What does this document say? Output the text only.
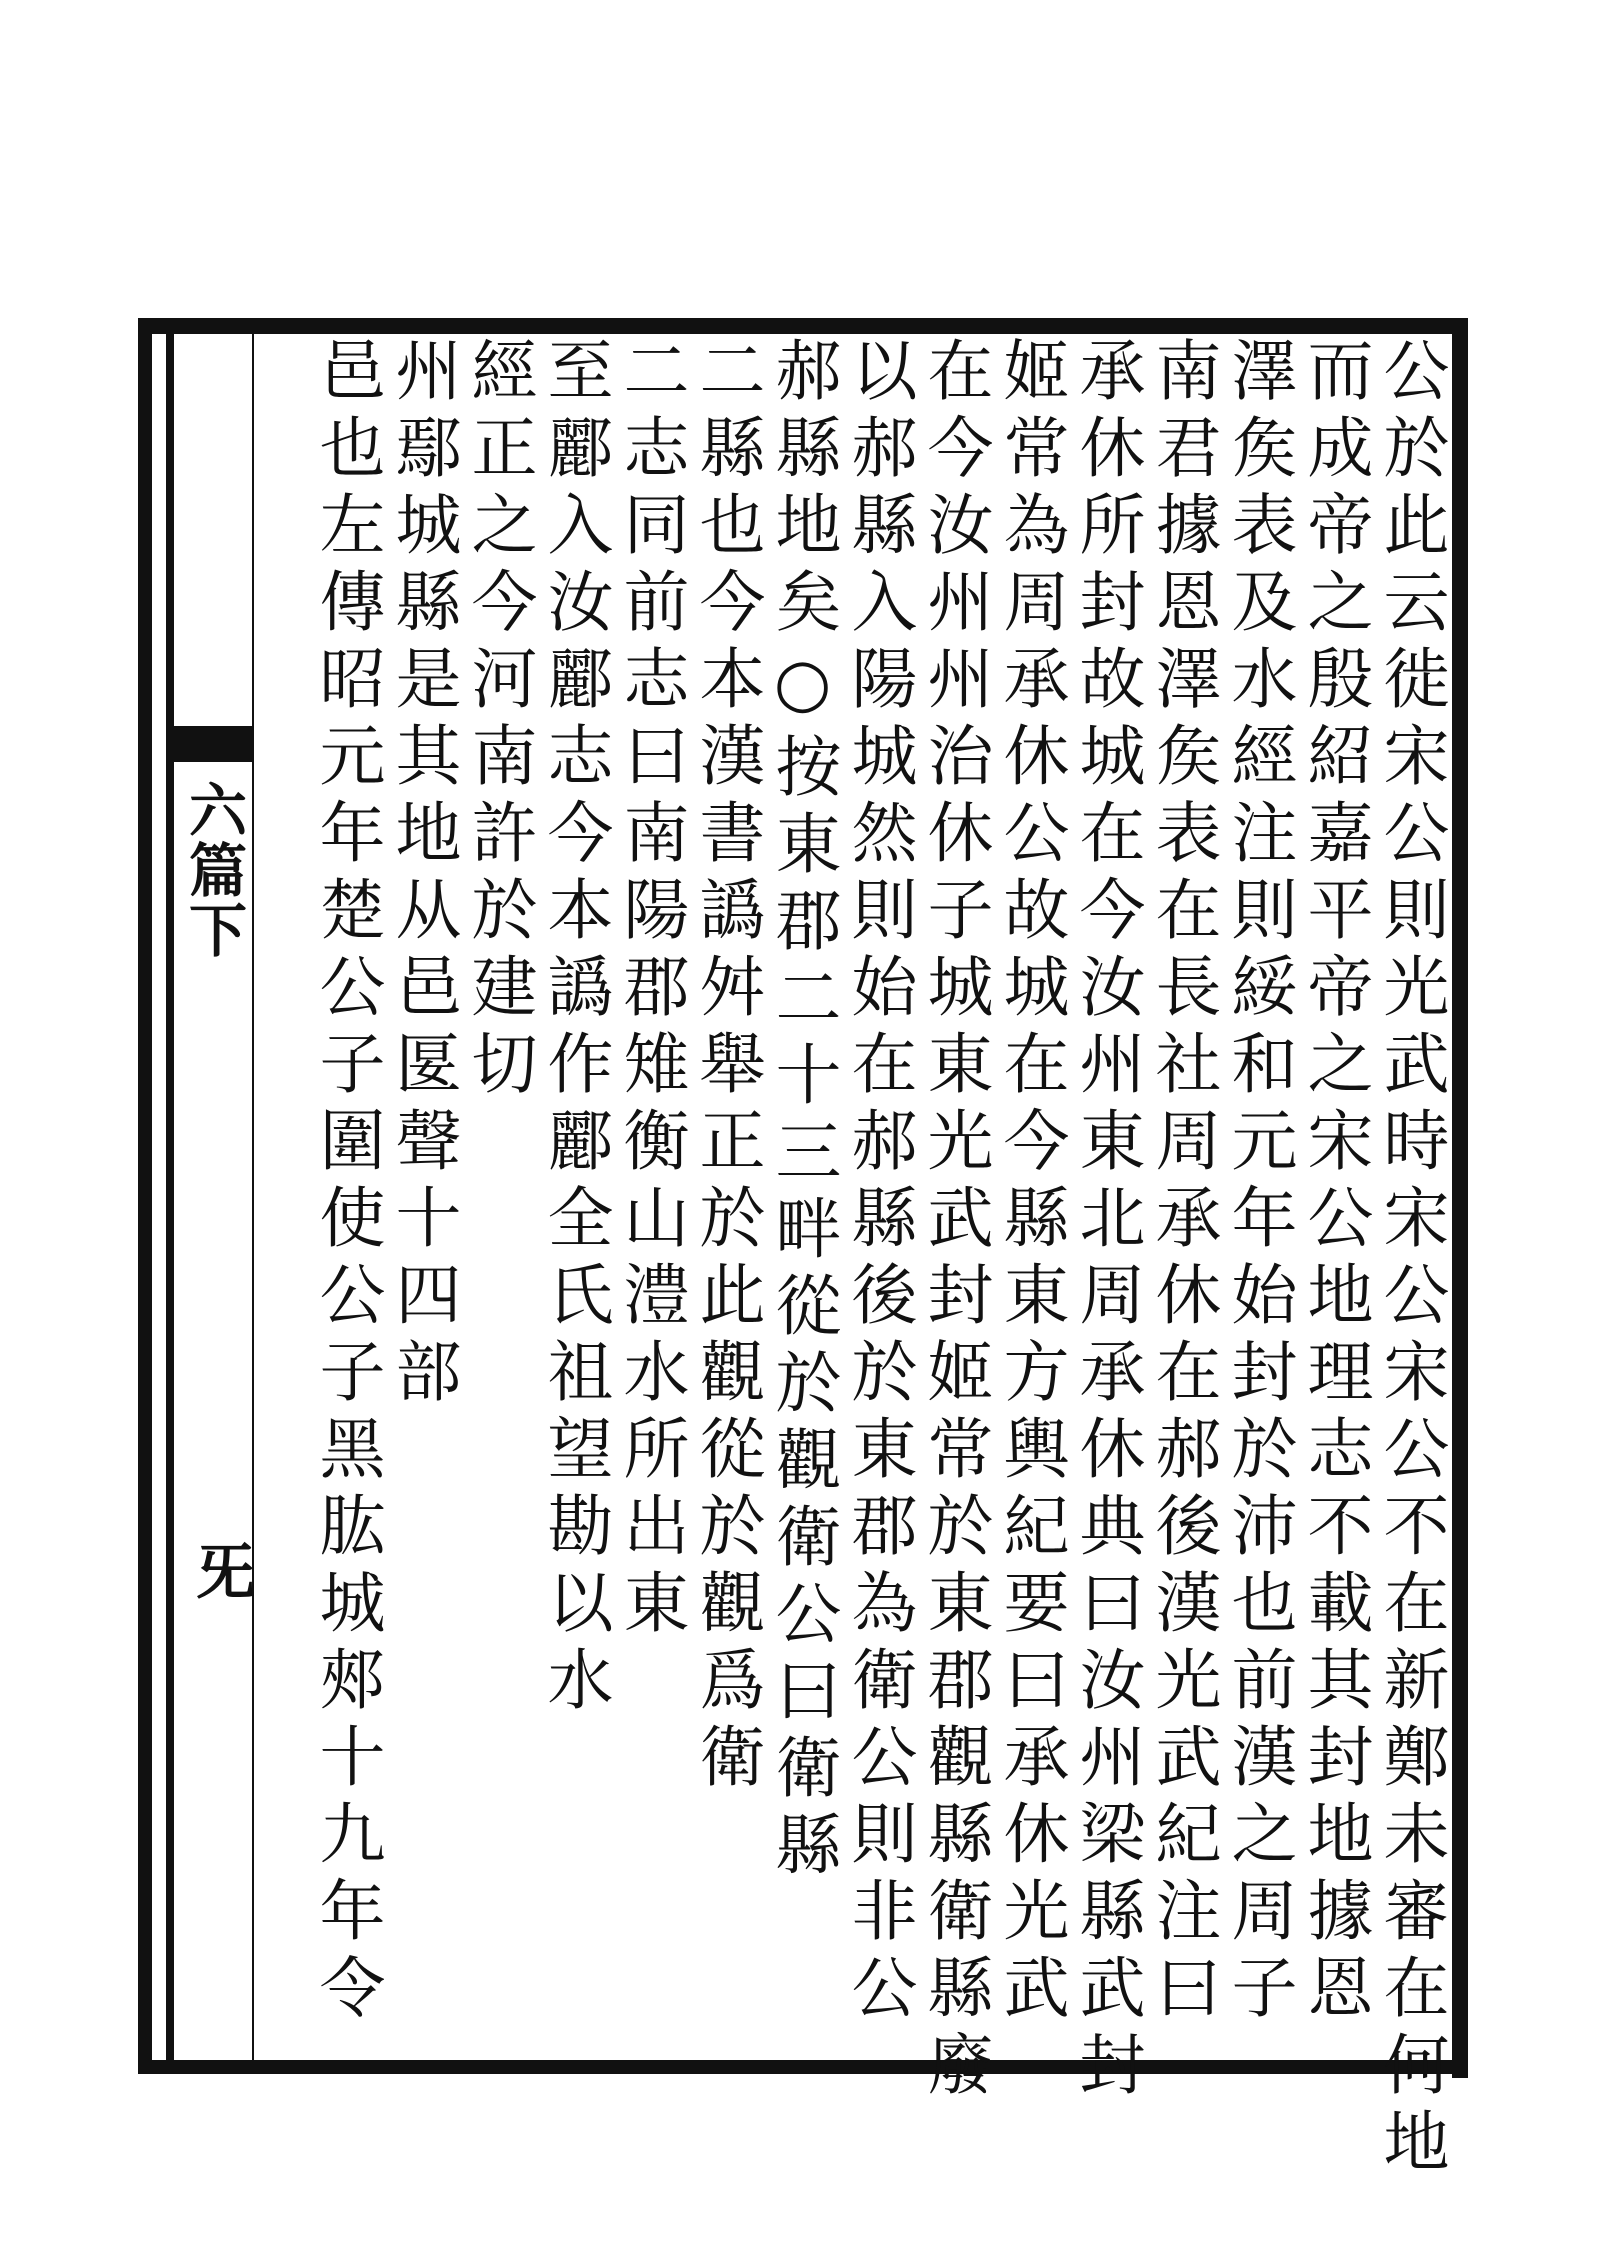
六篇下
旡	公於此云徙宋公則光武時宋公宋公不在新鄭未審在何地
而成帝之殷紹嘉平帝之宋公地理志不載其封地據恩
澤矦表及水經注則綏和元年始封於沛也前漢之周子
南君據恩澤矦表在長社周承休在郝後漢光武紀注曰
承休所封故城在今汝州東北周承休典曰汝州梁縣武封
姬常為周承休公故城在今縣東方輿紀要曰承休光武
在今汝州州治休子城東光武封姬常於東郡觀縣衛縣廢
以郝縣入陽城然則始在郝縣後於東郡為衛公則非公
郝縣地矣○按東郡二十三畔從於觀衛公曰衛縣
二縣也今本漢書譌舛舉正於此觀從於觀爲衛
二志同前志曰南陽郡雉衡山澧水所出東
至酈入汝酈志今本譌作酈全氏祖望勘以水
經正之今河南許於建切
州鄢城縣是其地从邑匽聲十四部
邑也左傳昭元年楚公子圍使公子黑肱城郟十九年令
